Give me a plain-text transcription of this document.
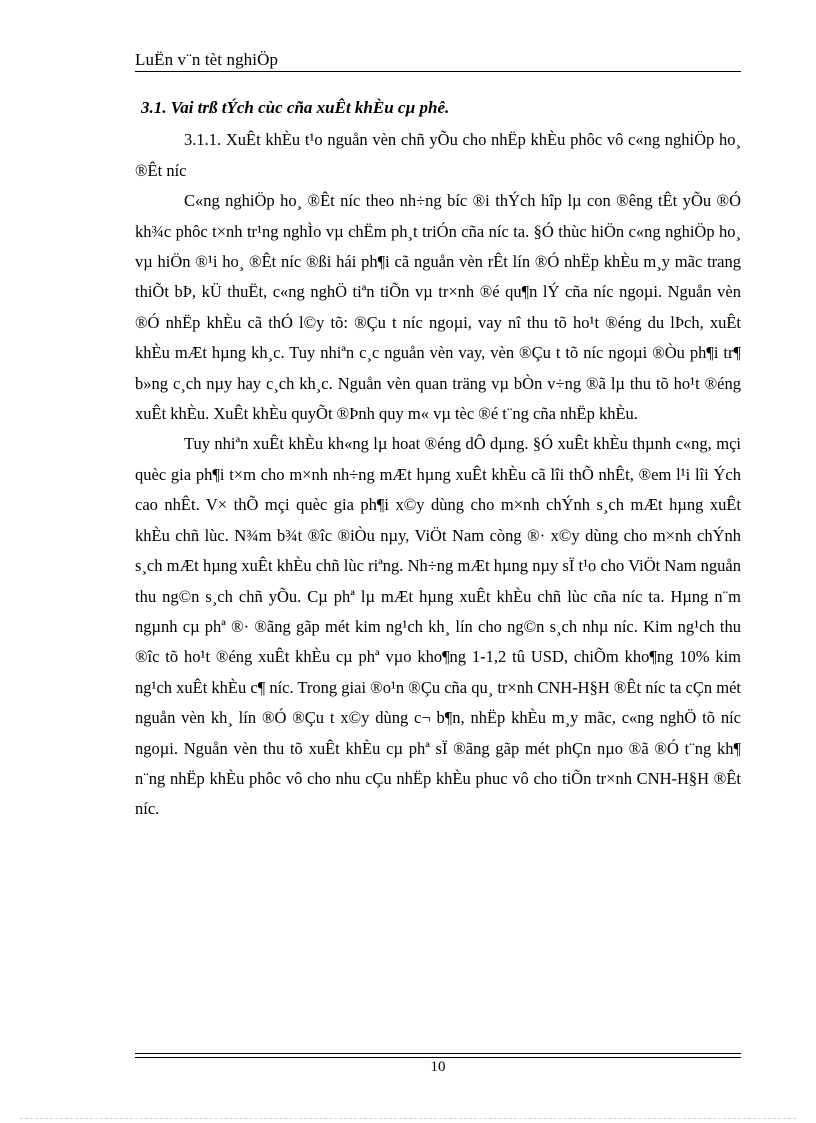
LuËn v¨n tèt nghiÖp

3.1. Vai trß tÝch cùc cña xuÊt khÈu cµ phê.

3.1.1. XuÊt khÈu t¹o nguån vèn chñ yÕu cho nhËp khÈu phôc vô c«ng nghiÖp ho¸ ®Êt níc

C«ng nghiÖp ho¸ ®Êt níc theo nh÷ng bíc ®i thÝch hîp lµ con ®êng tÊt yÕu ®Ó kh¾c phôc t×nh tr¹ng nghÌo vµ chËm ph¸t triÓn cña níc ta. §Ó thùc hiÖn c«ng nghiÖp ho¸ vµ hiÖn ®¹i ho¸ ®Êt níc ®ßi hái ph¶i cã nguån vèn rÊt lín ®Ó nhËp khÈu m¸y mãc trang thiÕt bÞ, kÜ thuËt, c«ng nghÖ tiªn tiÕn vµ tr×nh ®é qu¶n lÝ cña níc ngoµi. Nguån vèn ®Ó nhËp khÈu cã thÓ l©y tõ: ®Çu t níc ngoµi, vay nî thu tõ ho¹t ®éng du lÞch, xuÊt khÈu mÆt hµng kh¸c. Tuy nhiªn c¸c nguån vèn vay, vèn ®Çu t tõ níc ngoµi ®Òu ph¶i tr¶ b»ng c¸ch nµy hay c¸ch kh¸c. Nguån vèn quan träng vµ bÒn v÷ng ®ã lµ thu tõ ho¹t ®éng xuÊt khÈu. XuÊt khÈu quyÕt ®Þnh quy m« vµ tèc ®é t¨ng cña nhËp khÈu.

Tuy nhiªn xuÊt khÈu kh«ng lµ hoat ®éng dÔ dµng. §Ó xuÊt khÈu thµnh c«ng, mçi quèc gia ph¶i t×m cho m×nh nh÷ng mÆt hµng xuÊt khÈu cã lîi thÕ nhÊt, ®em l¹i lîi Ých cao nhÊt. V× thÕ mçi quèc gia ph¶i x©y dùng cho m×nh chÝnh s¸ch mÆt hµng xuÊt khÈu chñ lùc. N¾m b¾t ®îc ®iÒu nµy, ViÖt Nam còng ®· x©y dùng cho m×nh chÝnh s¸ch mÆt hµng xuÊt khÈu chñ lùc riªng. Nh÷ng mÆt hµng nµy sÏ t¹o cho ViÖt Nam nguån thu ng©n s¸ch chñ yÕu. Cµ phª lµ mÆt hµng xuÊt khÈu chñ lùc cña níc ta. Hµng n¨m ngµnh cµ phª ®· ®ãng gãp mét kim ng¹ch kh¸ lín cho ng©n s¸ch nhµ níc. Kim ng¹ch thu ®îc tõ ho¹t ®éng xuÊt khÈu cµ phª vµo kho¶ng 1-1,2 tû USD, chiÕm kho¶ng 10% kim ng¹ch xuÊt khÈu c¶ níc. Trong giai ®o¹n ®Çu cña qu¸ tr×nh CNH-H§H ®Êt níc ta cÇn mét nguån vèn kh¸ lín ®Ó ®Çu t x©y dùng c¬ b¶n, nhËp khÈu m¸y mãc, c«ng nghÖ tõ níc ngoµi. Nguån vèn thu tõ xuÊt khÈu cµ phª sÏ ®ãng gãp mét phÇn nµo ®ã ®Ó t¨ng kh¶ n¨ng nhËp khÈu phôc vô cho nhu cÇu nhËp khÈu phuc vô cho tiÕn tr×nh CNH-H§H ®Êt níc.

10
